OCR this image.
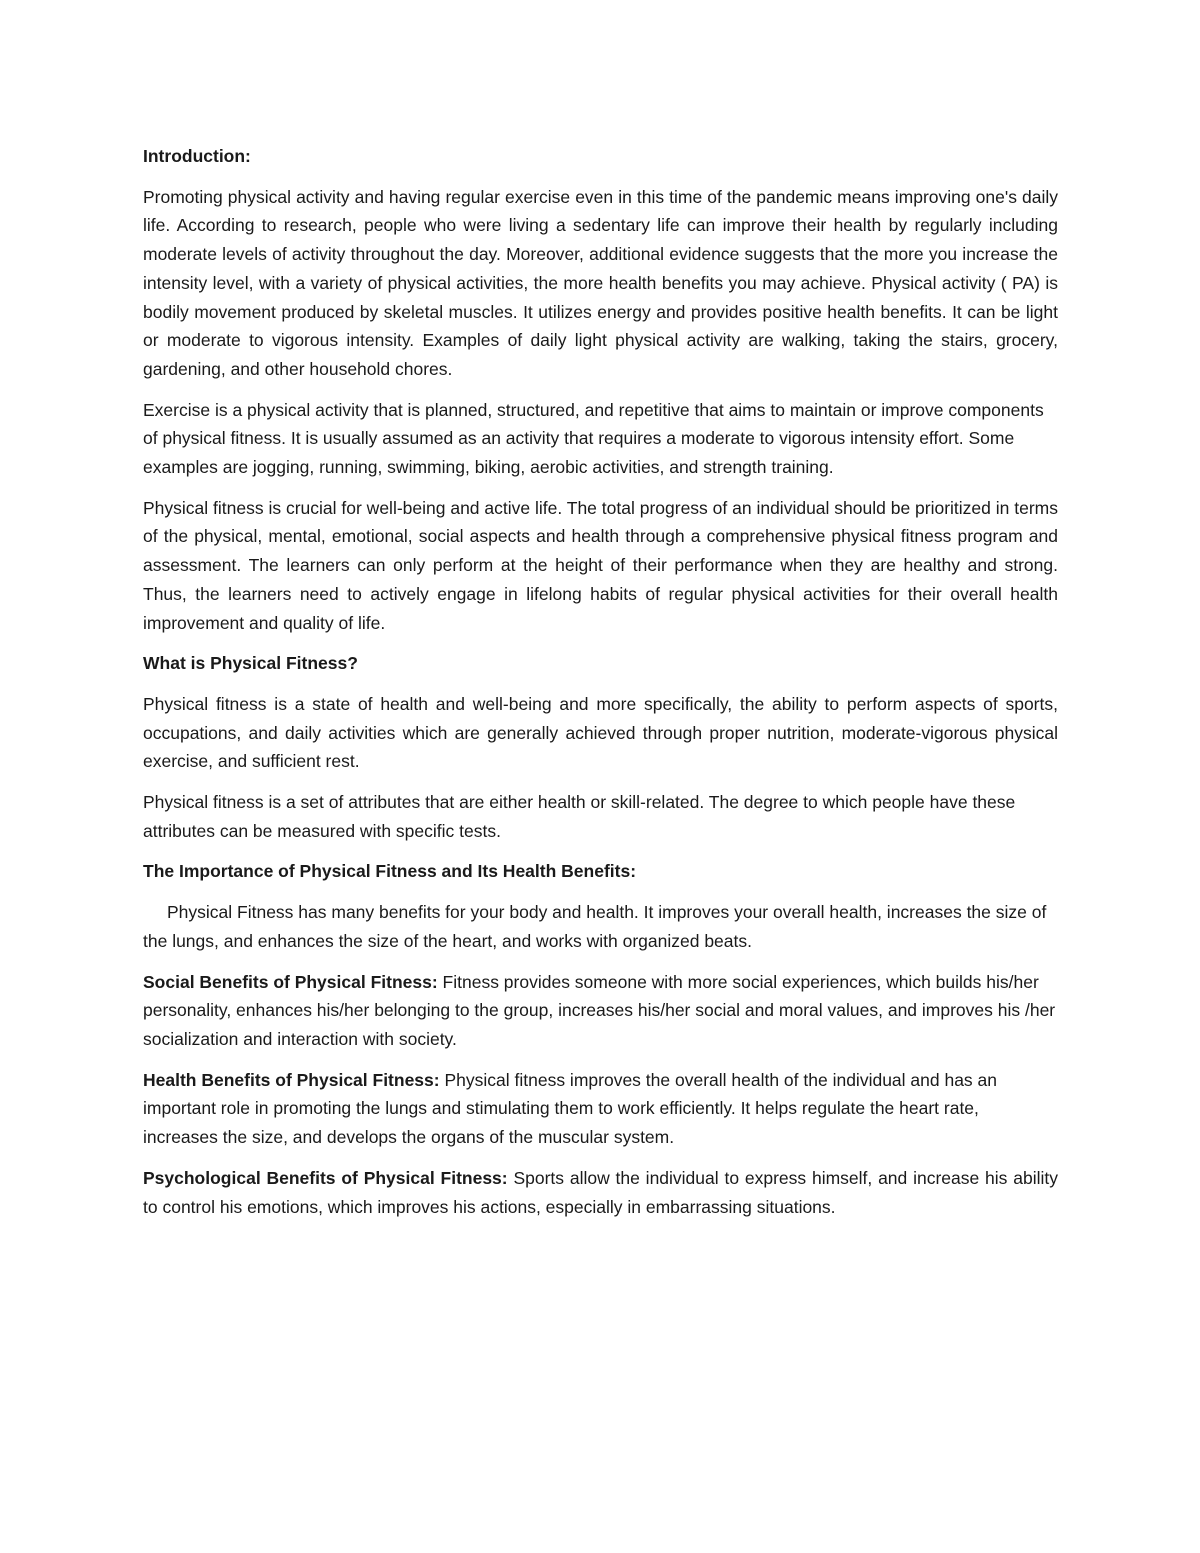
Introduction:

Promoting physical activity and having regular exercise even in this time of the pandemic means improving one's daily life. According to research, people who were living a sedentary life can improve their health by regularly including moderate levels of activity throughout the day. Moreover, additional evidence suggests that the more you increase the intensity level, with a variety of physical activities, the more health benefits you may achieve. Physical activity ( PA) is bodily movement produced by skeletal muscles. It utilizes energy and provides positive health benefits. It can be light or moderate to vigorous intensity. Examples of daily light physical activity are walking, taking the stairs, grocery, gardening, and other household chores.

Exercise is a physical activity that is planned, structured, and repetitive that aims to maintain or improve components of physical fitness. It is usually assumed as an activity that requires a moderate to vigorous intensity effort. Some examples are jogging, running, swimming, biking, aerobic activities, and strength training.

Physical fitness is crucial for well-being and active life. The total progress of an individual should be prioritized in terms of the physical, mental, emotional, social aspects and health through a comprehensive physical fitness program and assessment. The learners can only perform at the height of their performance when they are healthy and strong. Thus, the learners need to actively engage in lifelong habits of regular physical activities for their overall health improvement and quality of life.

What is Physical Fitness?

Physical fitness is a state of health and well-being and more specifically, the ability to perform aspects of sports, occupations, and daily activities which are generally achieved through proper nutrition, moderate-vigorous physical exercise, and sufficient rest.

Physical fitness is a set of attributes that are either health or skill-related. The degree to which people have these attributes can be measured with specific tests.

The Importance of Physical Fitness and Its Health Benefits:

Physical Fitness has many benefits for your body and health. It improves your overall health, increases the size of the lungs, and enhances the size of the heart, and works with organized beats.

Social Benefits of Physical Fitness: Fitness provides someone with more social experiences, which builds his/her personality, enhances his/her belonging to the group, increases his/her social and moral values, and improves his /her socialization and interaction with society.

Health Benefits of Physical Fitness: Physical fitness improves the overall health of the individual and has an important role in promoting the lungs and stimulating them to work efficiently. It helps regulate the heart rate, increases the size, and develops the organs of the muscular system.

Psychological Benefits of Physical Fitness: Sports allow the individual to express himself, and increase his ability to control his emotions, which improves his actions, especially in embarrassing situations.
